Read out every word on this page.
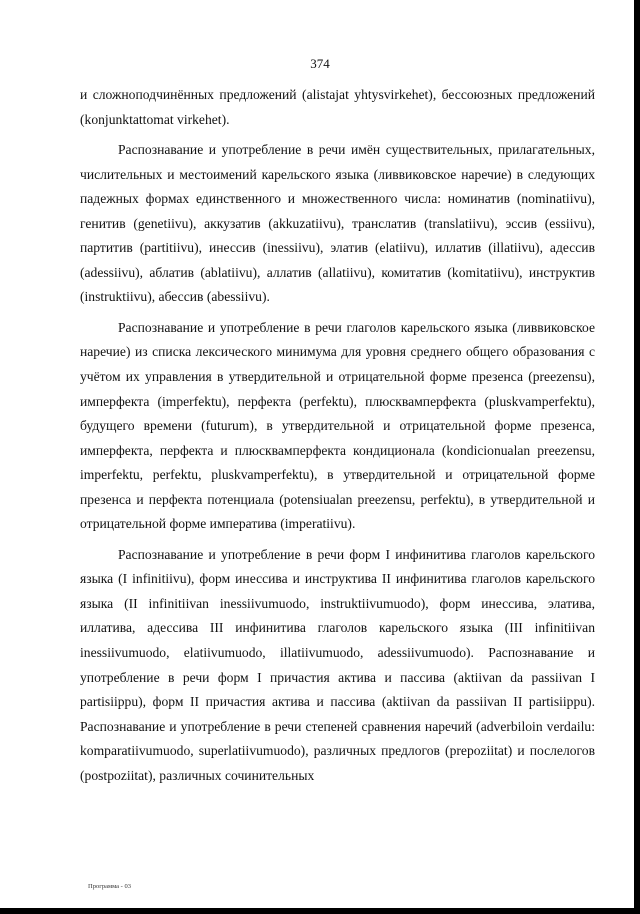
374

и сложноподчинённых предложений (alistajat yhtysvirkehet), бессоюзных предложений (konjunktattomat virkehet).

Распознавание и употребление в речи имён существительных, прилагательных, числительных и местоимений карельского языка (ливвиковское наречие) в следующих падежных формах единственного и множественного числа: номинатив (nominatiivu), генитив (genetiivu), аккузатив (akkuzatiivu), транслатив (translatiivu), эссив (essiivu), партитив (partitiivu), инессив (inessiivu), элатив (elatiivu), иллатив (illatiivu), адессив (adessiivu), аблатив (ablatiivu), аллатив (allatiivu), комитатив (komitatiivu), инструктив (instruktiivu), абессив (abessiivu).

Распознавание и употребление в речи глаголов карельского языка (ливвиковское наречие) из списка лексического минимума для уровня среднего общего образования с учётом их управления в утвердительной и отрицательной форме презенса (preezensu), имперфекта (imperfektu), перфекта (perfektu), плюсквамперфекта (pluskvamperfektu), будущего времени (futurum), в утвердительной и отрицательной форме презенса, имперфекта, перфекта и плюсквамперфекта кондиционала (kondicionualan preezensu, imperfektu, perfektu, pluskvamperfektu), в утвердительной и отрицательной форме презенса и перфекта потенциала (potensiualan preezensu, perfektu), в утвердительной и отрицательной форме императива (imperatiivu).

Распознавание и употребление в речи форм I инфинитива глаголов карельского языка (I infinitiivu), форм инессива и инструктива II инфинитива глаголов карельского языка (II infinitiivan inessiivumuodo, instruktiivumuodo), форм инессива, элатива, иллатива, адессива III инфинитива глаголов карельского языка (III infinitiivan inessiivumuodo, elatiivumuodo, illatiivumuodo, adessiivumuodo). Распознавание и употребление в речи форм I причастия актива и пассива (aktiivan da passiivan I partisiippu), форм II причастия актива и пассива (aktiivan da passiivan II partisiippu). Распознавание и употребление в речи степеней сравнения наречий (adverbiloin verdailu: komparatiivumuodo, superlatiivumuodo), различных предлогов (prepoziitat) и послелогов (postpoziitat), различных сочинительных

Программа - 03
